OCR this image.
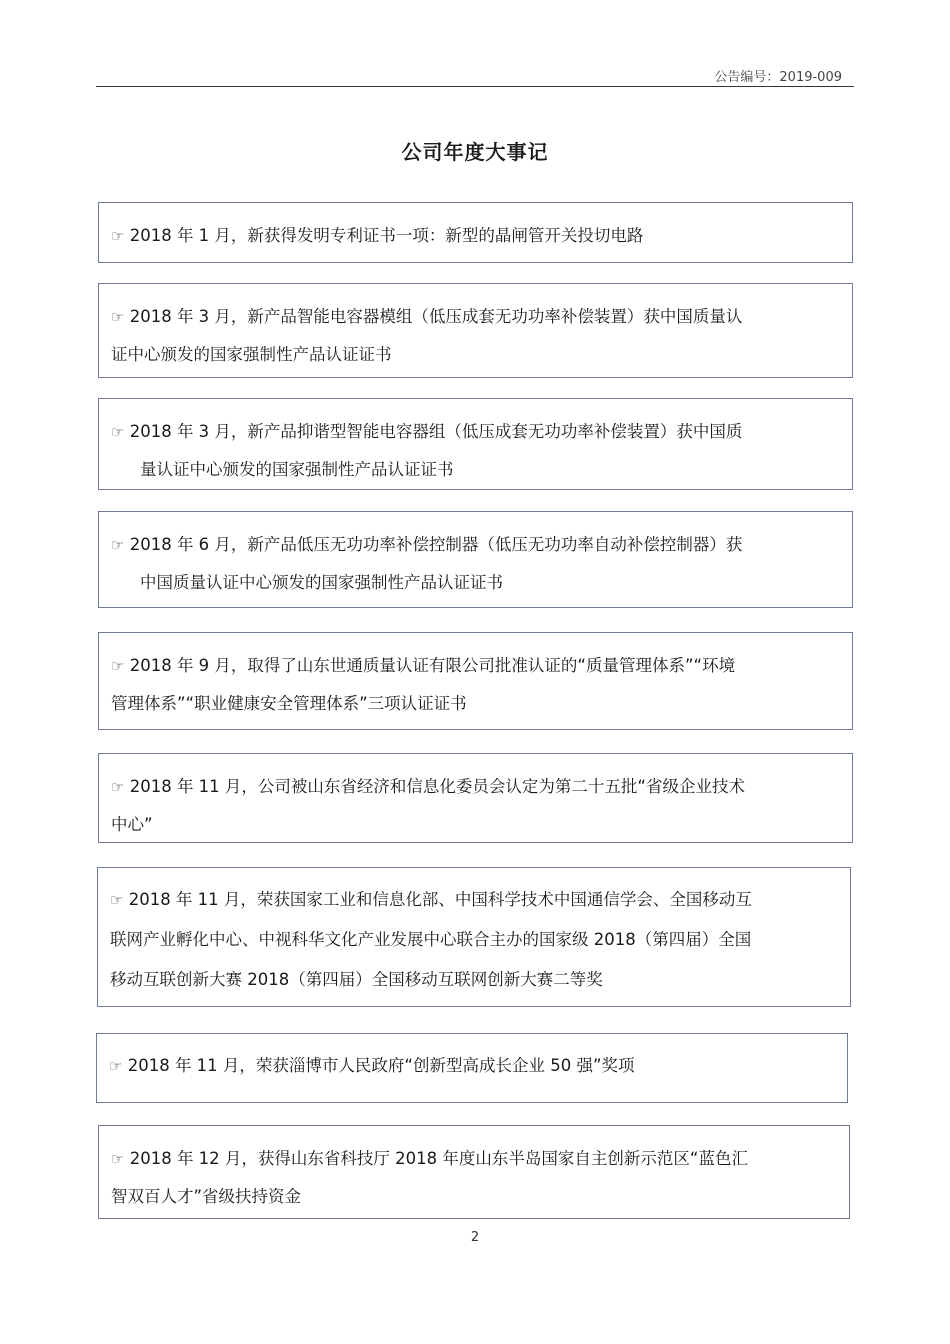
公告编号：2019-009
公司年度大事记
☞ 2018 年 1 月，新获得发明专利证书一项：新型的晶闸管开关投切电路
☞ 2018 年 3 月，新产品智能电容器模组（低压成套无功功率补偿装置）获中国质量认
证中心颁发的国家强制性产品认证证书
☞ 2018 年 3 月，新产品抑谐型智能电容器组（低压成套无功功率补偿装置）获中国质
量认证中心颁发的国家强制性产品认证证书
☞ 2018 年 6 月，新产品低压无功功率补偿控制器（低压无功功率自动补偿控制器）获
中国质量认证中心颁发的国家强制性产品认证证书
☞ 2018 年 9 月，取得了山东世通质量认证有限公司批准认证的“质量管理体系”“环境
管理体系”“职业健康安全管理体系”三项认证证书
☞ 2018 年 11 月，公司被山东省经济和信息化委员会认定为第二十五批“省级企业技术
中心”
☞ 2018 年 11 月，荣获国家工业和信息化部、中国科学技术中国通信学会、全国移动互
联网产业孵化中心、中视科华文化产业发展中心联合主办的国家级 2018（第四届）全国
移动互联创新大赛 2018（第四届）全国移动互联网创新大赛二等奖
☞ 2018 年 11 月，荣获淄博市人民政府“创新型高成长企业 50 强”奖项
☞ 2018 年 12 月，获得山东省科技厅 2018 年度山东半岛国家自主创新示范区“蓝色汇
智双百人才”省级扶持资金
2
